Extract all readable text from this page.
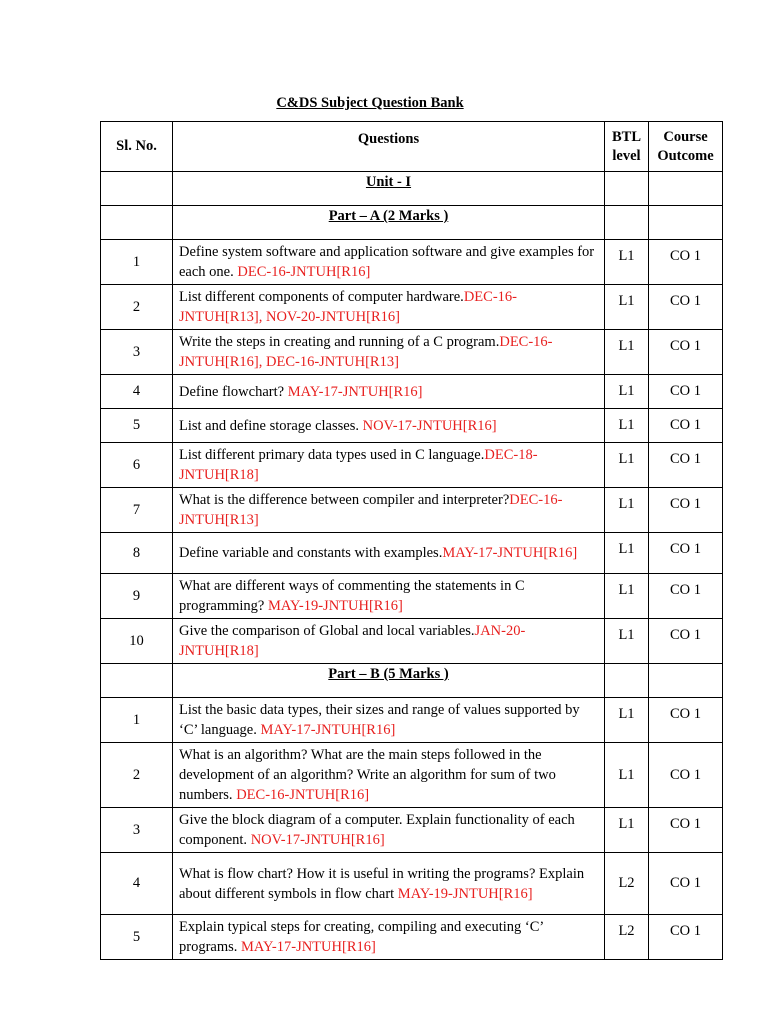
C&DS Subject Question Bank
Sl. No.	Questions	BTL level	Course Outcome
	Unit - I		
	Part – A (2 Marks )		
1	Define system software and application software and give examples for each one. DEC-16-JNTUH[R16]	L1	CO 1
2	List different components of computer hardware.DEC-16-JNTUH[R13], NOV-20-JNTUH[R16]	L1	CO 1
3	Write the steps in creating and running of a C program.DEC-16- JNTUH[R16], DEC-16-JNTUH[R13]	L1	CO 1
4	Define flowchart? MAY-17-JNTUH[R16]	L1	CO 1
5	List and define storage classes. NOV-17-JNTUH[R16]	L1	CO 1
6	List different primary data types used in C language.DEC-18- JNTUH[R18]	L1	CO 1
7	What is the difference between compiler and interpreter?DEC-16-JNTUH[R13]	L1	CO 1
8	Define variable and constants with examples.MAY-17-JNTUH[R16]	L1	CO 1
9	What are different ways of commenting the statements in C programming? MAY-19-JNTUH[R16]	L1	CO 1
10	Give the comparison of Global and local variables.JAN-20- JNTUH[R18]	L1	CO 1
	Part – B (5 Marks )		
1	List the basic data types, their sizes and range of values supported by ‘C’ language. MAY-17-JNTUH[R16]	L1	CO 1
2	What is an algorithm? What are the main steps followed in the development of an algorithm? Write an algorithm for sum of two numbers. DEC-16-JNTUH[R16]	L1	CO 1
3	Give the block diagram of a computer. Explain functionality of each component. NOV-17-JNTUH[R16]	L1	CO 1
4	What is flow chart? How it is useful in writing the programs? Explain about different symbols in flow chart MAY-19-JNTUH[R16]	L2	CO 1
5	Explain typical steps for creating, compiling and executing ‘C’ programs. MAY-17-JNTUH[R16]	L2	CO 1
